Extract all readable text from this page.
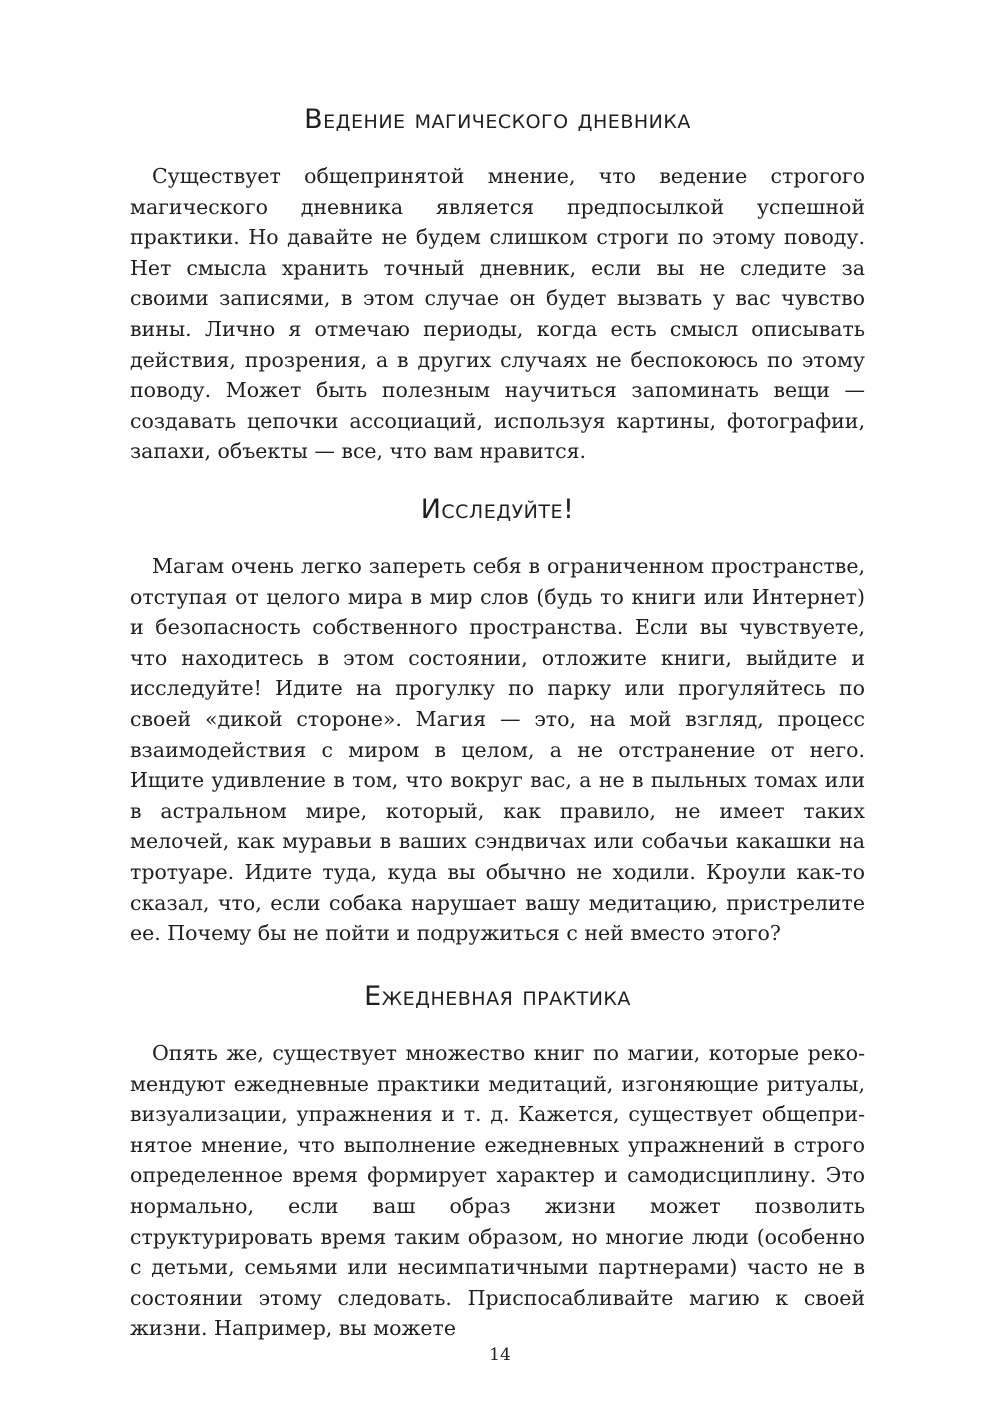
Ведение магического дневника

Существует общепринятой мнение, что ведение строгого магического дневника является предпосылкой успешной практики. Но давайте не будем слишком строги по этому поводу. Нет смысла хранить точный дневник, если вы не следите за своими записями, в этом случае он будет вызвать у вас чувство вины. Лично я отмечаю периоды, когда есть смысл описывать действия, прозрения, а в других случаях не беспокоюсь по этому поводу. Может быть полезным научиться запоминать вещи — создавать цепочки ассоциаций, используя картины, фотографии, запахи, объекты — все, что вам нравится.

Исследуйте!

Магам очень легко запереть себя в ограниченном пространстве, отступая от целого мира в мир слов (будь то книги или Интернет) и безопасность собственного пространства. Если вы чувствуете, что находитесь в этом состоянии, отложите книги, выйдите и исследуйте! Идите на прогулку по парку или прогуляйтесь по своей «дикой стороне». Магия — это, на мой взгляд, процесс взаимодействия с миром в целом, а не отстранение от него. Ищите удивление в том, что вокруг вас, а не в пыльных томах или в астральном мире, который, как правило, не имеет таких мелочей, как муравьи в ваших сэндвичах или собачьи какашки на тротуаре. Идите туда, куда вы обычно не ходили. Кроули как-то сказал, что, если собака нарушает вашу медитацию, пристрелите ее. Почему бы не пойти и подружиться с ней вместо этого?

Ежедневная практика

Опять же, существует множество книг по магии, которые рекомендуют ежедневные практики медитаций, изгоняющие ритуалы, визуализации, упражнения и т. д. Кажется, существует общепринятое мнение, что выполнение ежедневных упражнений в строго определенное время формирует характер и самодисциплину. Это нормально, если ваш образ жизни может позволить структурировать время таким образом, но многие люди (особенно с детьми, семьями или несимпатичными партнерами) часто не в состоянии этому следовать. Приспосабливайте магию к своей жизни. Например, вы можете

14
